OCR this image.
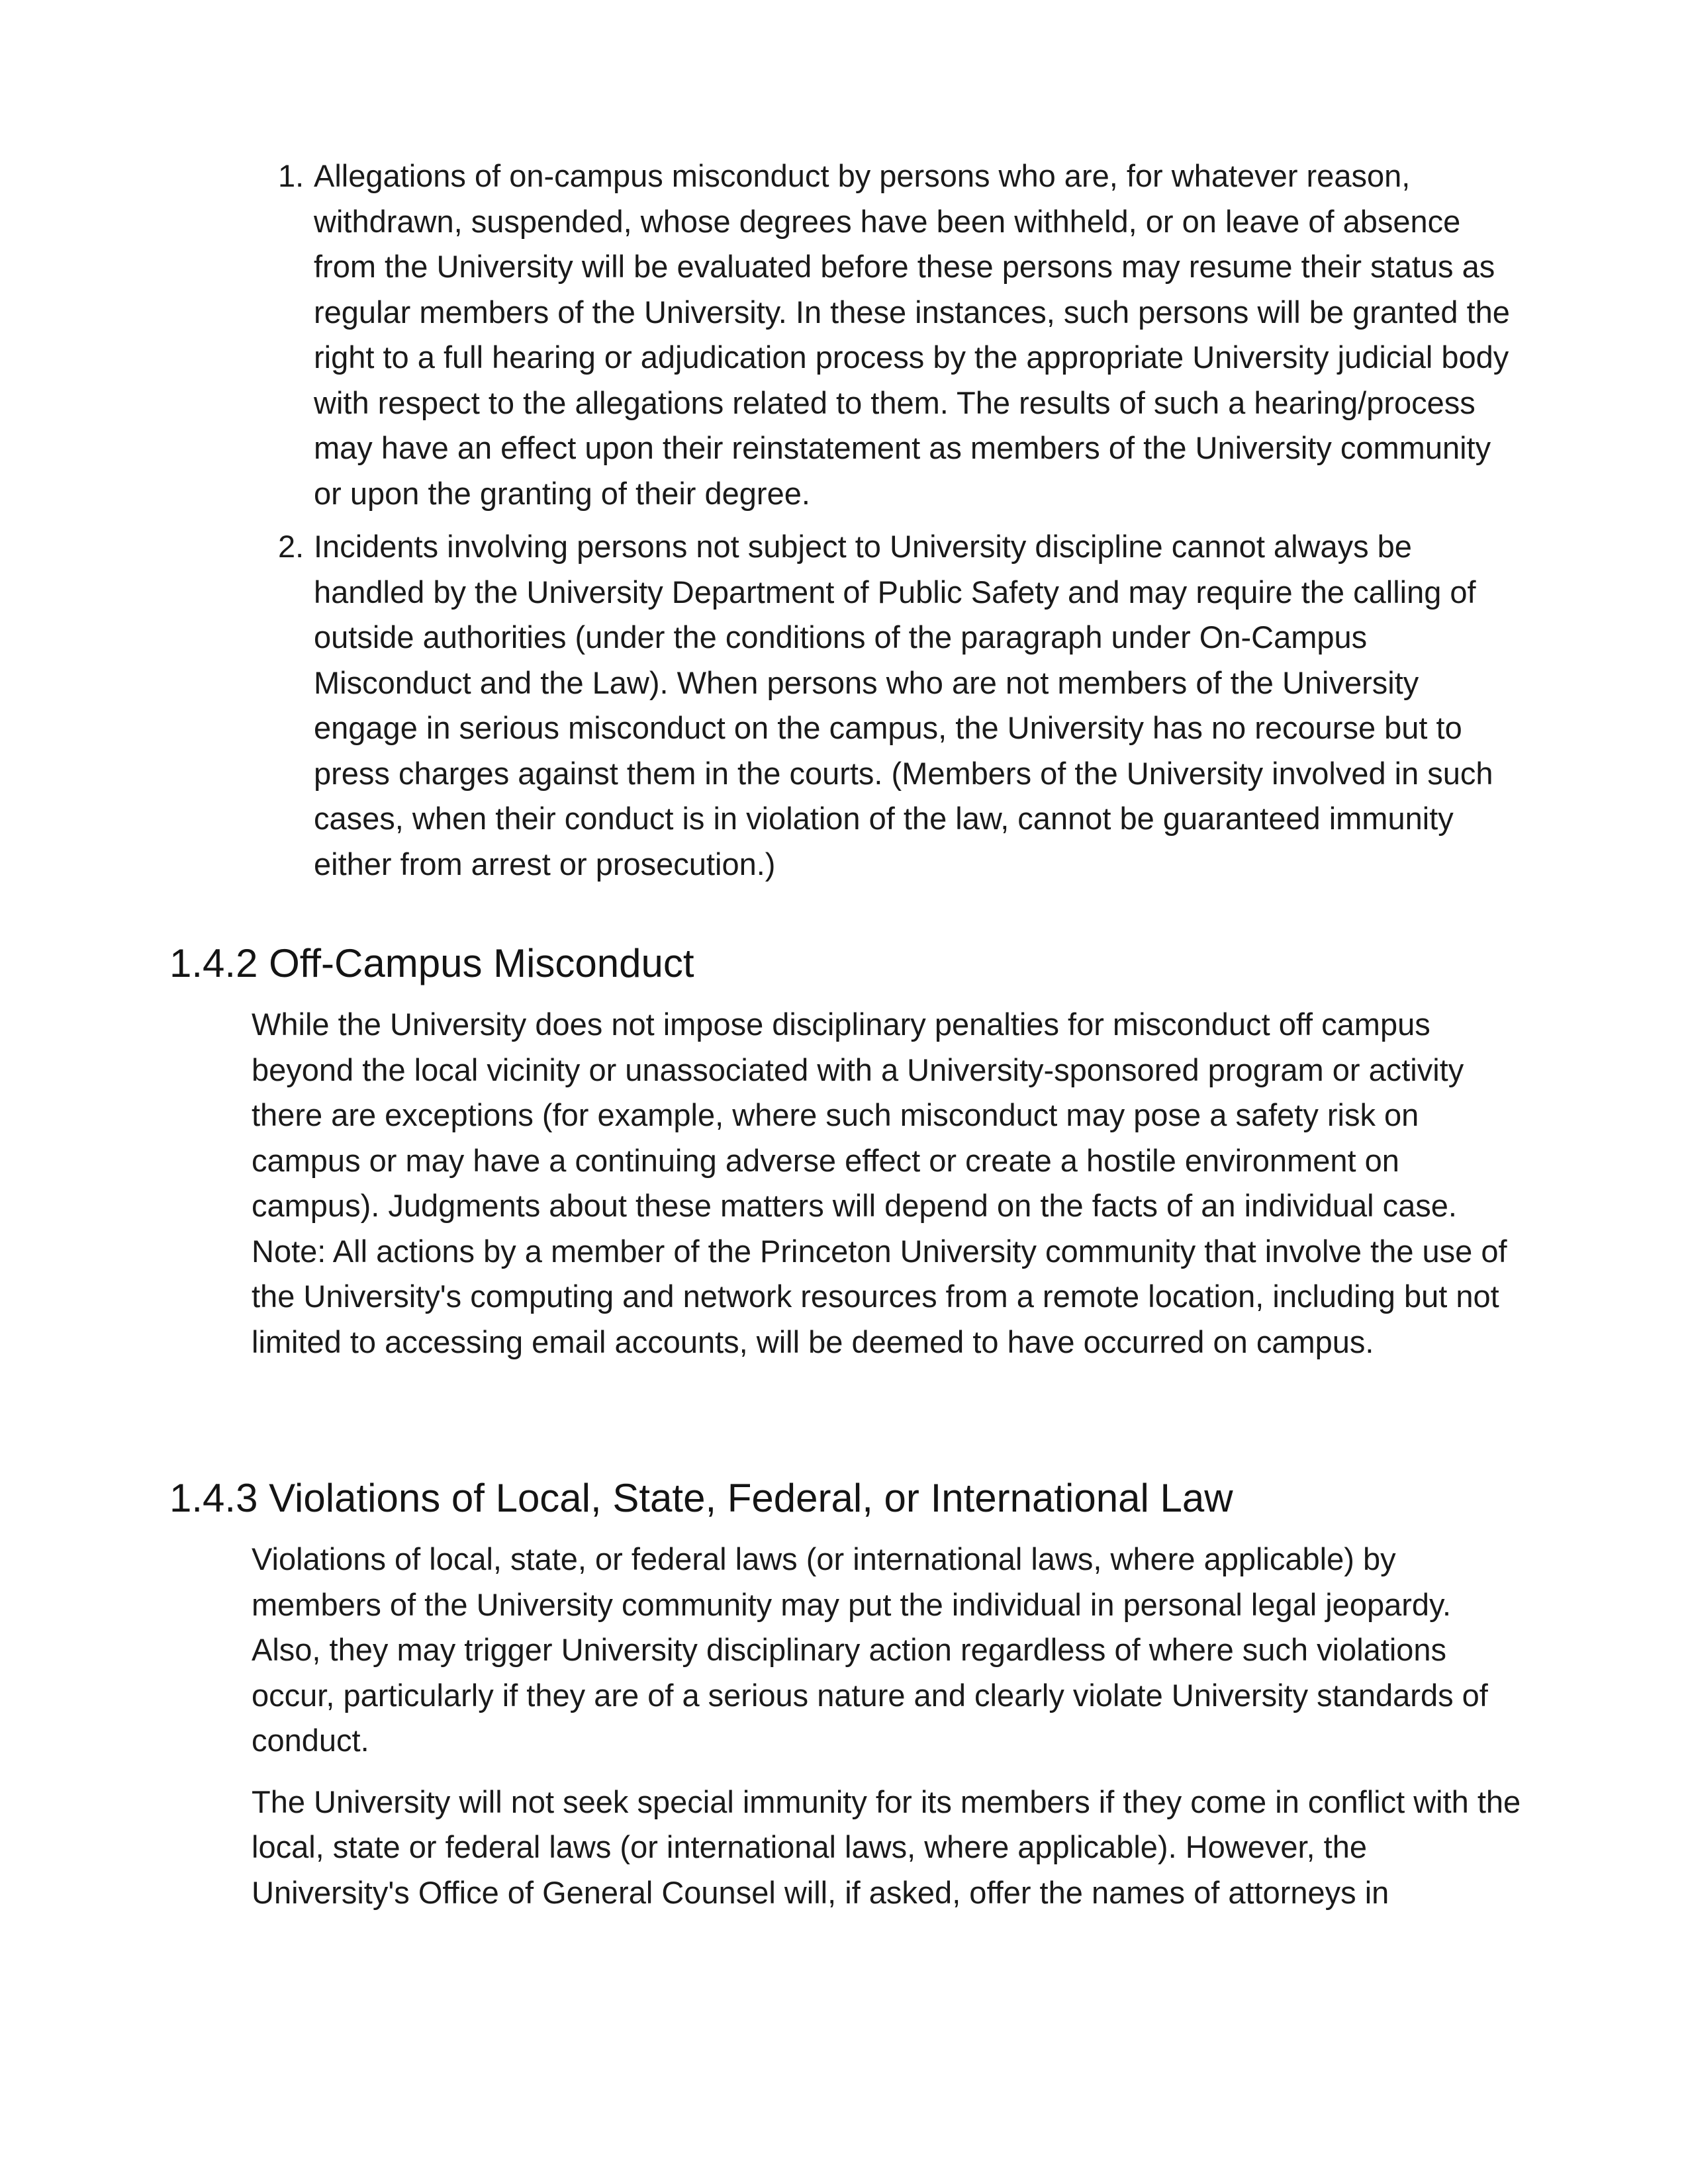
1. Allegations of on-campus misconduct by persons who are, for whatever reason, withdrawn, suspended, whose degrees have been withheld, or on leave of absence from the University will be evaluated before these persons may resume their status as regular members of the University. In these instances, such persons will be granted the right to a full hearing or adjudication process by the appropriate University judicial body with respect to the allegations related to them. The results of such a hearing/process may have an effect upon their reinstatement as members of the University community or upon the granting of their degree.
2. Incidents involving persons not subject to University discipline cannot always be handled by the University Department of Public Safety and may require the calling of outside authorities (under the conditions of the paragraph under On-Campus Misconduct and the Law). When persons who are not members of the University engage in serious misconduct on the campus, the University has no recourse but to press charges against them in the courts. (Members of the University involved in such cases, when their conduct is in violation of the law, cannot be guaranteed immunity either from arrest or prosecution.)
1.4.2 Off-Campus Misconduct

While the University does not impose disciplinary penalties for misconduct off campus beyond the local vicinity or unassociated with a University-sponsored program or activity there are exceptions (for example, where such misconduct may pose a safety risk on campus or may have a continuing adverse effect or create a hostile environment on campus). Judgments about these matters will depend on the facts of an individual case. Note: All actions by a member of the Princeton University community that involve the use of the University's computing and network resources from a remote location, including but not limited to accessing email accounts, will be deemed to have occurred on campus.

1.4.3 Violations of Local, State, Federal, or International Law

Violations of local, state, or federal laws (or international laws, where applicable) by members of the University community may put the individual in personal legal jeopardy. Also, they may trigger University disciplinary action regardless of where such violations occur, particularly if they are of a serious nature and clearly violate University standards of conduct.

The University will not seek special immunity for its members if they come in conflict with the local, state or federal laws (or international laws, where applicable). However, the University's Office of General Counsel will, if asked, offer the names of attorneys in
